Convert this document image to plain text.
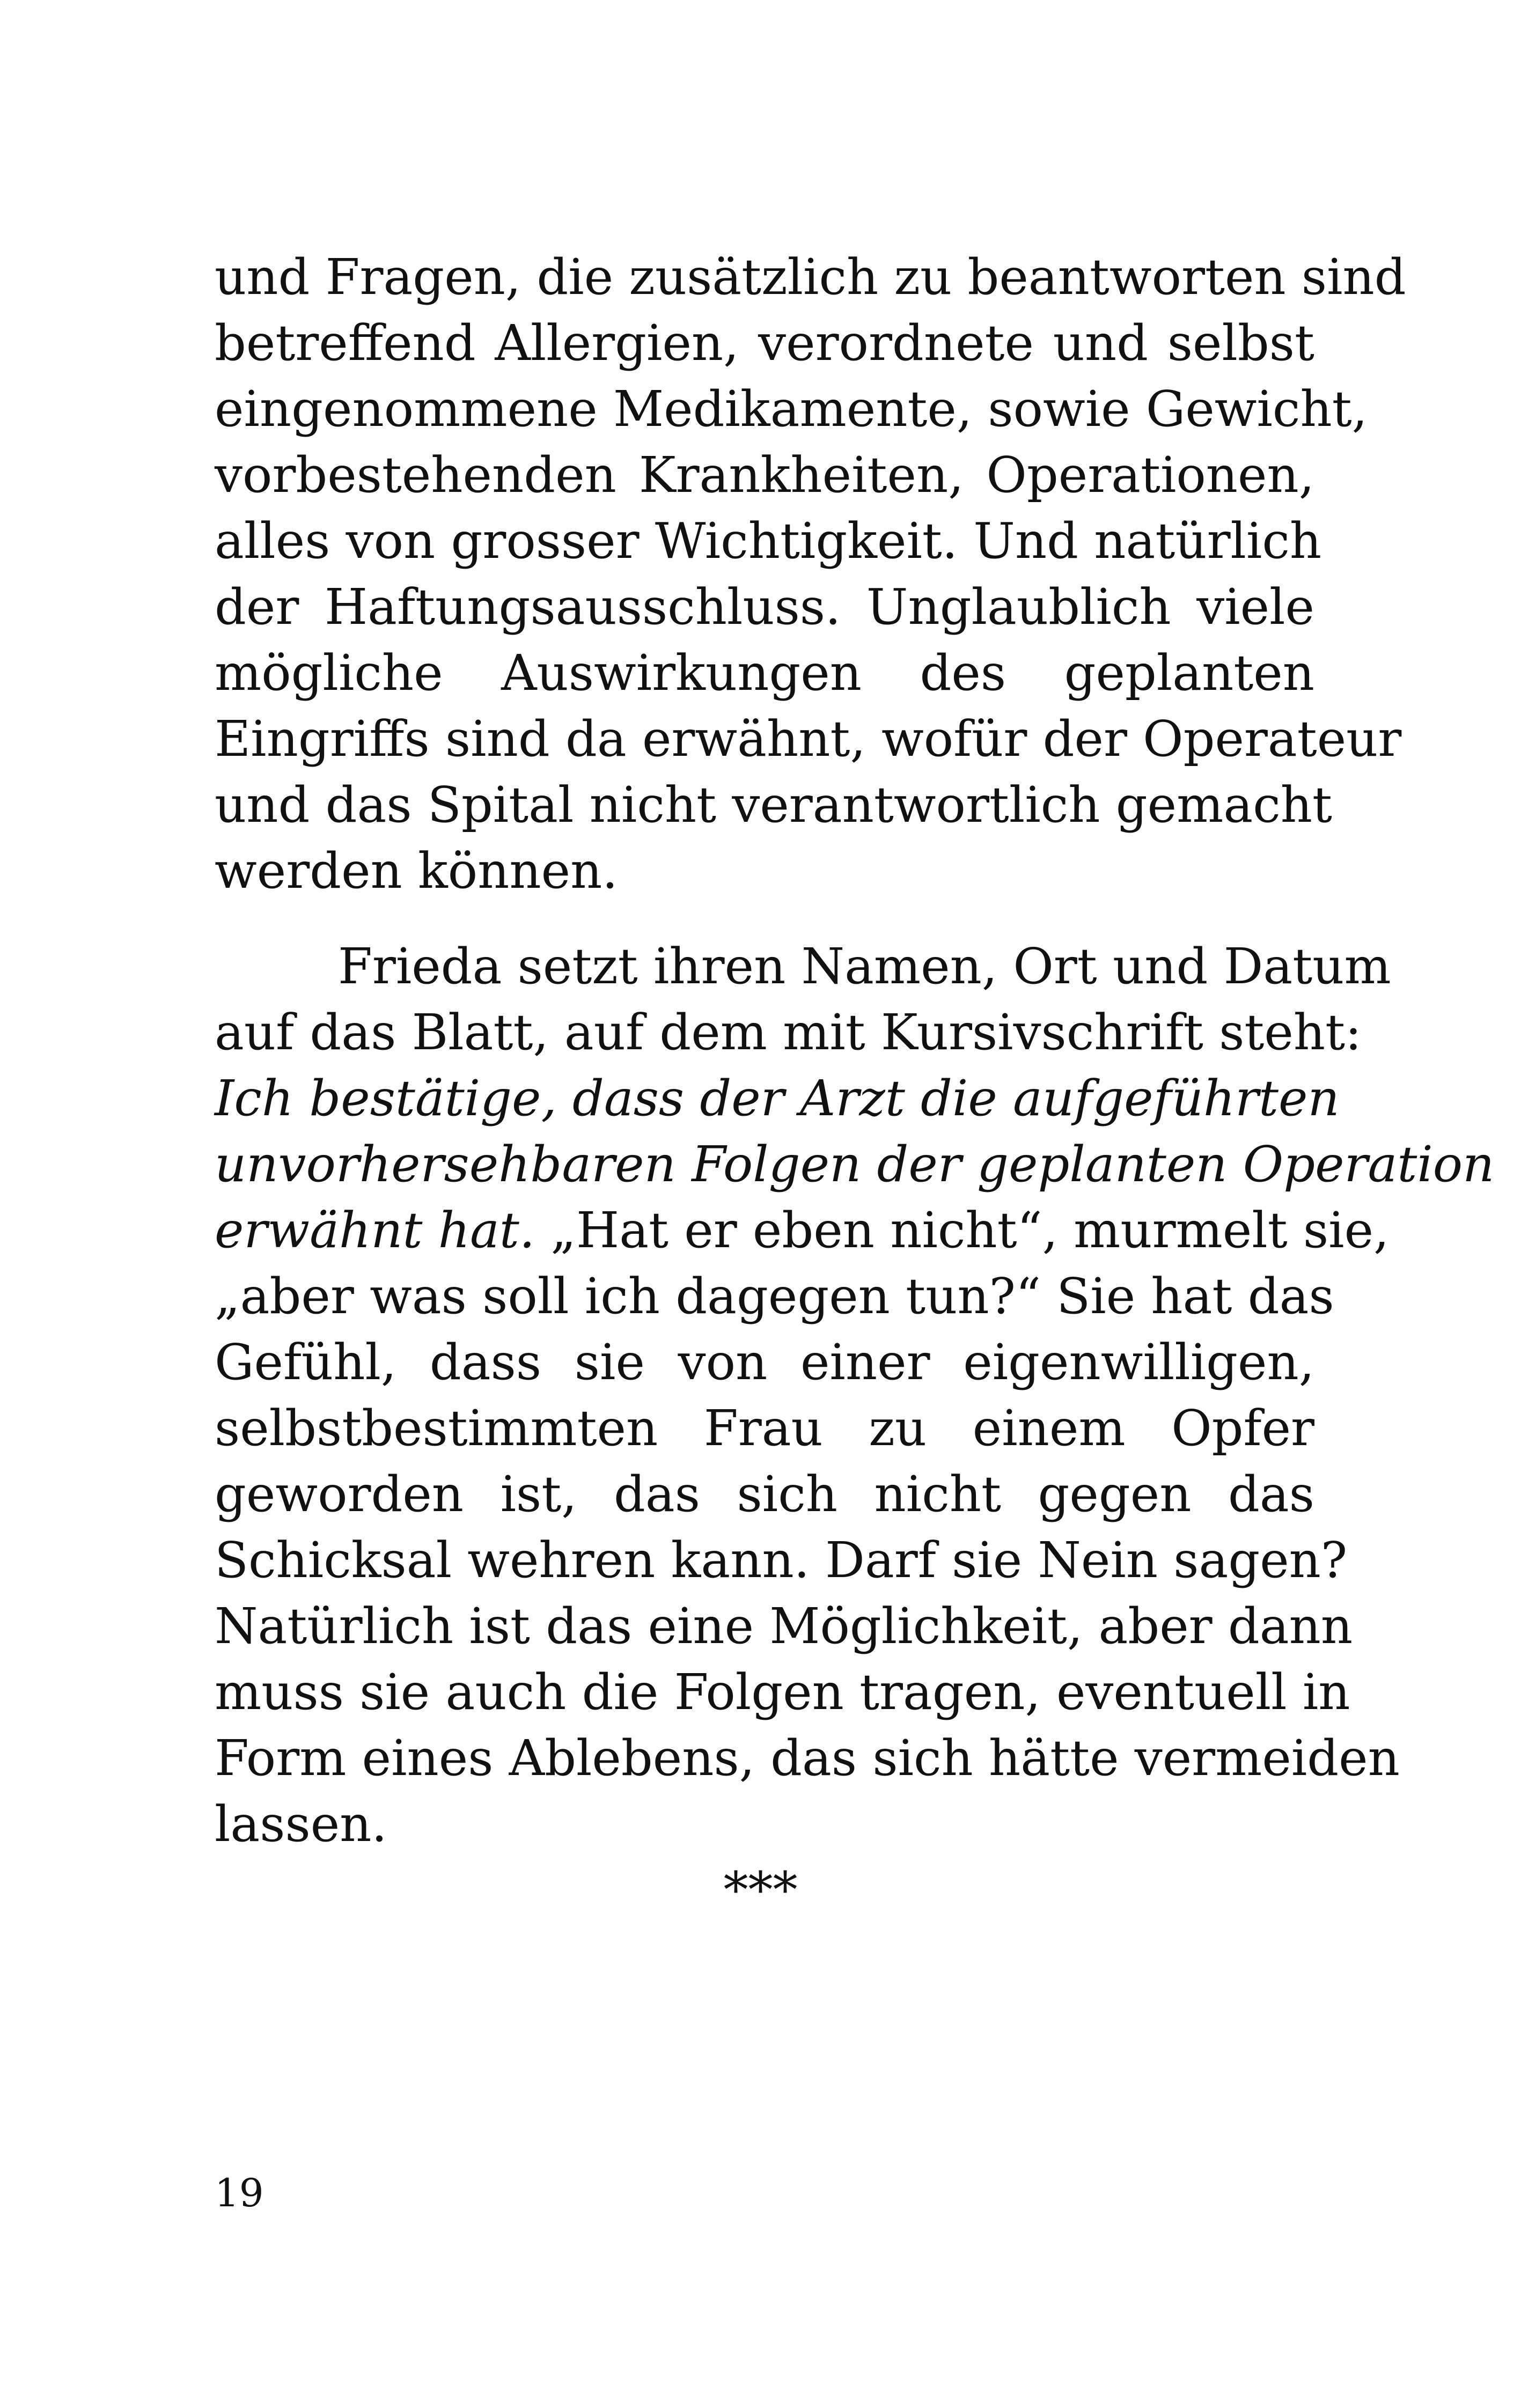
und Fragen, die zusätzlich zu beantworten sind
betreffend Allergien, verordnete und selbst
eingenommene Medikamente, sowie Gewicht,
vorbestehenden Krankheiten, Operationen,
alles von grosser Wichtigkeit. Und natürlich
der Haftungsausschluss. Unglaublich viele
mögliche Auswirkungen des geplanten
Eingriffs sind da erwähnt, wofür der Operateur
und das Spital nicht verantwortlich gemacht
werden können.
Frieda setzt ihren Namen, Ort und Datum
auf das Blatt, auf dem mit Kursivschrift steht:
Ich bestätige, dass der Arzt die aufgeführten
unvorhersehbaren Folgen der geplanten Operation
erwähnt hat. „Hat er eben nicht“, murmelt sie,
„aber was soll ich dagegen tun?“ Sie hat das
Gefühl, dass sie von einer eigenwilligen,
selbstbestimmten Frau zu einem Opfer
geworden ist, das sich nicht gegen das
Schicksal wehren kann. Darf sie Nein sagen?
Natürlich ist das eine Möglichkeit, aber dann
muss sie auch die Folgen tragen, eventuell in
Form eines Ablebens, das sich hätte vermeiden
lassen.
***
19
